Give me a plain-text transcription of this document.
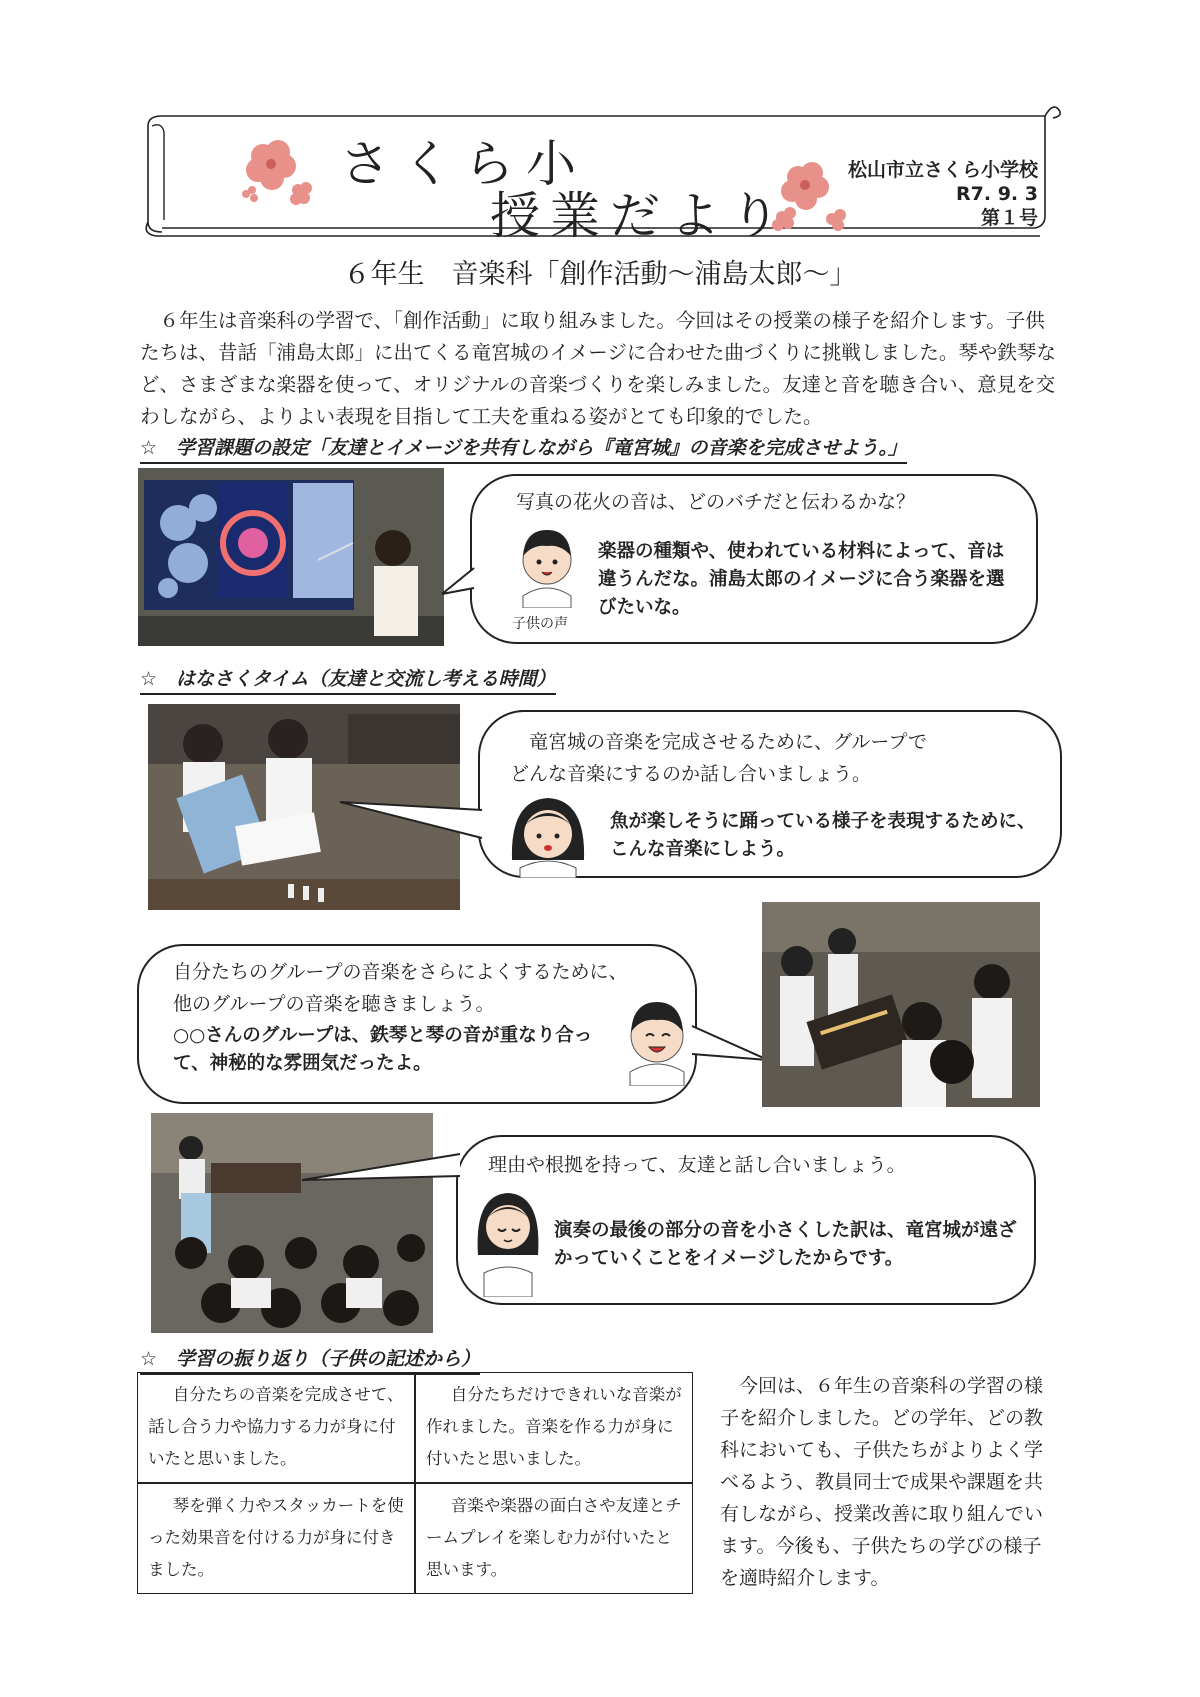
さくら小
授業だより
松山市立さくら小学校
R7. 9. 3
第１号
６年生　音楽科「創作活動〜浦島太郎〜」

６年生は音楽科の学習で、「創作活動」に取り組みました。今回はその授業の様子を紹介します。子供たちは、昔話「浦島太郎」に出てくる竜宮城のイメージに合わせた曲づくりに挑戦しました。琴や鉄琴など、さまざまな楽器を使って、オリジナルの音楽づくりを楽しみました。友達と音を聴き合い、意見を交わしながら、よりよい表現を目指して工夫を重ねる姿がとても印象的でした。

☆　学習課題の設定「友達とイメージを共有しながら『竜宮城』の音楽を完成させよう。」
写真の花火の音は、どのバチだと伝わるかな？
楽器の種類や、使われている材料によって、音は違うんだな。浦島太郎のイメージに合う楽器を選びたいな。
子供の声
☆　はなさくタイム（友達と交流し考える時間）
竜宮城の音楽を完成させるために、グループでどんな音楽にするのか話し合いましょう。
魚が楽しそうに踊っている様子を表現するために、こんな音楽にしよう。
自分たちのグループの音楽をさらによくするために、他のグループの音楽を聴きましょう。
○○さんのグループは、鉄琴と琴の音が重なり合って、神秘的な雰囲気だったよ。
理由や根拠を持って、友達と話し合いましょう。
演奏の最後の部分の音を小さくした訳は、竜宮城が遠ざかっていくことをイメージしたからです。
☆　学習の振り返り（子供の記述から）

自分たちの音楽を完成させて、話し合う力や協力する力が身に付いたと思いました。

自分たちだけできれいな音楽が作れました。音楽を作る力が身に付いたと思いました。

琴を弾く力やスタッカートを使った効果音を付ける力が身に付きました。

音楽や楽器の面白さや友達とチームプレイを楽しむ力が付いたと思います。

今回は、６年生の音楽科の学習の様子を紹介しました。どの学年、どの教科においても、子供たちがよりよく学べるよう、教員同士で成果や課題を共有しながら、授業改善に取り組んでいます。今後も、子供たちの学びの様子を適時紹介します。
